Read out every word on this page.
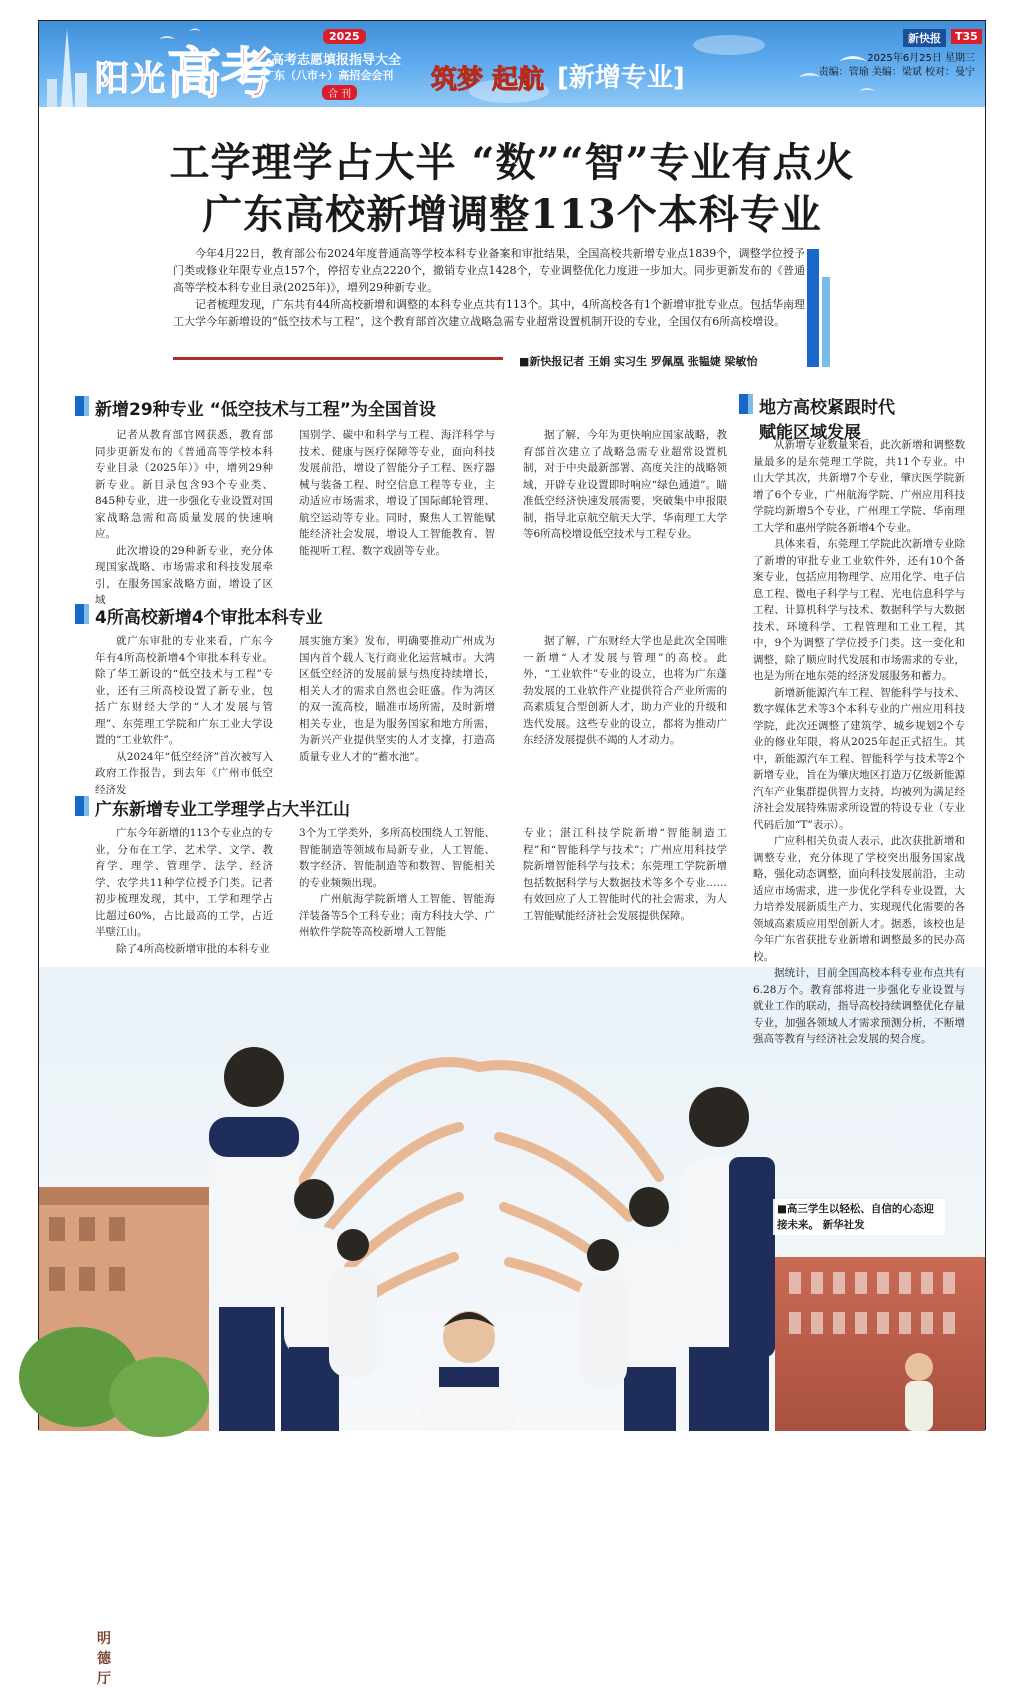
阳光 高考
2025
高考志愿填报指导大全
广东（八市+）高招会会刊
合 刊	筑梦 起航 [新增专业]
新快报	T35
2025年6月25日 星期三
责编：管瑜 美编：梁斌 校对：曼宁
工学理学占大半 “数”“智”专业有点火
广东高校新增调整113个本科专业

今年4月22日，教育部公布2024年度普通高等学校本科专业备案和审批结果，全国高校共新增专业点1839个，调整学位授予门类或修业年限专业点157个，停招专业点2220个，撤销专业点1428个，专业调整优化力度进一步加大。同步更新发布的《普通高等学校本科专业目录(2025年)》，增列29种新专业。

记者梳理发现，广东共有44所高校新增和调整的本科专业点共有113个。其中，4所高校各有1个新增审批专业点。包括华南理工大学今年新增设的“低空技术与工程”，这个教育部首次建立战略急需专业超常设置机制开设的专业，全国仅有6所高校增设。

■新快报记者 王娟 实习生 罗佩凰 张韫婕 梁敏怡
新增29种专业 “低空技术与工程”为全国首设

记者从教育部官网获悉，教育部同步更新发布的《普通高等学校本科专业目录（2025年）》中，增列29种新专业。新目录包含93个专业类、845种专业，进一步强化专业设置对国家战略急需和高质量发展的快速响应。

此次增设的29种新专业，充分体现国家战略、市场需求和科技发展牵引，在服务国家战略方面，增设了区域

国别学、碳中和科学与工程、海洋科学与技术、健康与医疗保障等专业，面向科技发展前沿，增设了智能分子工程、医疗器械与装备工程、时空信息工程等专业，主动适应市场需求，增设了国际邮轮管理、航空运动等专业。同时，聚焦人工智能赋能经济社会发展，增设人工智能教育、智能视听工程、数字戏剧等专业。

据了解，今年为更快响应国家战略，教育部首次建立了战略急需专业超常设置机制，对于中央最新部署、高度关注的战略领域，开辟专业设置即时响应“绿色通道”。瞄准低空经济快速发展需要，突破集中申报限制，指导北京航空航天大学、华南理工大学等6所高校增设低空技术与工程专业。

4所高校新增4个审批本科专业

就广东审批的专业来看，广东今年有4所高校新增4个审批本科专业。除了华工新设的“低空技术与工程”专业，还有三所高校设置了新专业，包括广东财经大学的“人才发展与管理”、东莞理工学院和广东工业大学设置的“工业软件”。

从2024年“低空经济”首次被写入政府工作报告，到去年《广州市低空经济发

展实施方案》发布，明确要推动广州成为国内首个载人飞行商业化运营城市。大湾区低空经济的发展前景与热度持续增长，相关人才的需求自然也会旺盛。作为湾区的双一流高校，瞄准市场所需，及时新增相关专业，也是为服务国家和地方所需，为新兴产业提供坚实的人才支撑，打造高质量专业人才的“蓄水池”。

据了解，广东财经大学也是此次全国唯一新增“人才发展与管理”的高校。此外，“工业软件”专业的设立，也将为广东蓬勃发展的工业软件产业提供符合产业所需的高素质复合型创新人才，助力产业的升级和迭代发展。这些专业的设立，都将为推动广东经济发展提供不竭的人才动力。

广东新增专业工学理学占大半江山

广东今年新增的113个专业点的专业，分布在工学、艺术学、文学、教育学、理学、管理学、法学、经济学、农学共11种学位授予门类。记者初步梳理发现，其中，工学和理学占比超过60%，占比最高的工学，占近半壁江山。

除了4所高校新增审批的本科专业

3个为工学类外，多所高校围绕人工智能、智能制造等领域布局新专业，人工智能、数字经济、智能制造等和数智、智能相关的专业频频出现。

广州航海学院新增人工智能、智能海洋装备等5个工科专业；南方科技大学、广州软件学院等高校新增人工智能

专业；湛江科技学院新增“智能制造工程”和“智能科学与技术”；广州应用科技学院新增智能科学与技术；东莞理工学院新增包括数据科学与大数据技术等多个专业……有效回应了人工智能时代的社会需求，为人工智能赋能经济社会发展提供保障。

明德厅
地方高校紧跟时代
赋能区域发展

从新增专业数量来看，此次新增和调整数量最多的是东莞理工学院，共11个专业。中山大学其次，共新增7个专业，肇庆医学院新增了6个专业，广州航海学院、广州应用科技学院均新增5个专业，广州理工学院、华南理工大学和惠州学院各新增4个专业。

具体来看，东莞理工学院此次新增专业除了新增的审批专业工业软件外，还有10个备案专业，包括应用物理学、应用化学、电子信息工程、微电子科学与工程、光电信息科学与工程、计算机科学与技术、数据科学与大数据技术、环境科学、工程管理和工业工程，其中，9个为调整了学位授予门类。这一变化和调整，除了顺应时代发展和市场需求的专业，也是为所在地东莞的经济发展服务和蓄力。

新增新能源汽车工程、智能科学与技术、数字媒体艺术等3个本科专业的广州应用科技学院，此次还调整了建筑学、城乡规划2个专业的修业年限，将从2025年起正式招生。其中，新能源汽车工程、智能科学与技术等2个新增专业，旨在为肇庆地区打造万亿级新能源汽车产业集群提供智力支持，均被列为满足经济社会发展特殊需求所设置的特设专业（专业代码后加“T”表示）。

广应科相关负责人表示，此次获批新增和调整专业，充分体现了学校突出服务国家战略，强化动态调整，面向科技发展前沿，主动适应市场需求，进一步优化学科专业设置，大力培养发展新质生产力、实现现代化需要的各领域高素质应用型创新人才。据悉，该校也是今年广东省获批专业新增和调整最多的民办高校。

据统计，目前全国高校本科专业布点共有6.28万个。教育部将进一步强化专业设置与就业工作的联动，指导高校持续调整优化存量专业，加强各领域人才需求预测分析，不断增强高等教育与经济社会发展的契合度。

■高三学生以轻松、自信的心态迎接未来。 新华社发
